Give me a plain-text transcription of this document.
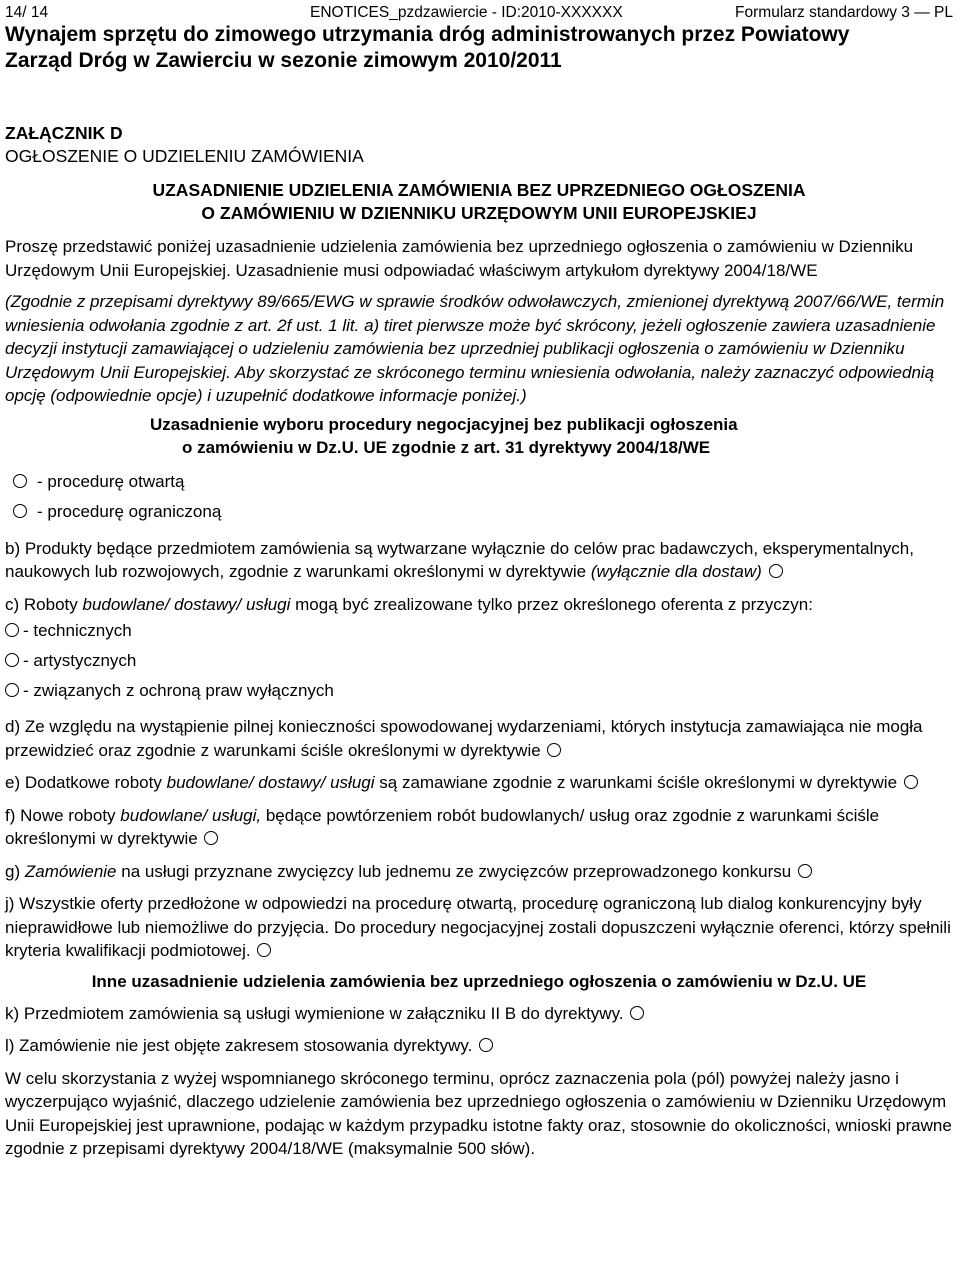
14/ 14	ENOTICES_pzdzawiercie - ID:2010-XXXXXX	Formularz standardowy 3 — PL
Wynajem sprzętu do zimowego utrzymania dróg administrowanych przez Powiatowy
Zarząd Dróg w Zawierciu w sezonie zimowym 2010/2011
ZAŁĄCZNIK D
OGŁOSZENIE O UDZIELENIU ZAMÓWIENIA
UZASADNIENIE UDZIELENIA ZAMÓWIENIA BEZ UPRZEDNIEGO OGŁOSZENIA
O ZAMÓWIENIU W DZIENNIKU URZĘDOWYM UNII EUROPEJSKIEJ

Proszę przedstawić poniżej uzasadnienie udzielenia zamówienia bez uprzedniego ogłoszenia o zamówieniu w Dzienniku Urzędowym Unii Europejskiej. Uzasadnienie musi odpowiadać właściwym artykułom dyrektywy 2004/18/WE

(Zgodnie z przepisami dyrektywy 89/665/EWG w sprawie środków odwoławczych, zmienionej dyrektywą 2007/66/WE, termin wniesienia odwołania zgodnie z art. 2f ust. 1 lit. a) tiret pierwsze może być skrócony, jeżeli ogłoszenie zawiera uzasadnienie decyzji instytucji zamawiającej o udzieleniu zamówienia bez uprzedniej publikacji ogłoszenia o zamówieniu w Dzienniku Urzędowym Unii Europejskiej. Aby skorzystać ze skróconego terminu wniesienia odwołania, należy zaznaczyć odpowiednią opcję (odpowiednie opcje) i uzupełnić dodatkowe informacje poniżej.)

Uzasadnienie wyboru procedury negocjacyjnej bez publikacji ogłoszenia
o zamówieniu w Dz.U. UE zgodnie z art. 31 dyrektywy 2004/18/WE
- procedurę otwartą
- procedurę ograniczoną

b) Produkty będące przedmiotem zamówienia są wytwarzane wyłącznie do celów prac badawczych, eksperymentalnych, naukowych lub rozwojowych, zgodnie z warunkami określonymi w dyrektywie (wyłącznie dla dostaw)

c) Roboty budowlane/ dostawy/ usługi mogą być zrealizowane tylko przez określonego oferenta z przyczyn:

- technicznych
- artystycznych
- związanych z ochroną praw wyłącznych

d) Ze względu na wystąpienie pilnej konieczności spowodowanej wydarzeniami, których instytucja zamawiająca nie mogła przewidzieć oraz zgodnie z warunkami ściśle określonymi w dyrektywie

e) Dodatkowe roboty budowlane/ dostawy/ usługi są zamawiane zgodnie z warunkami ściśle określonymi w dyrektywie

f) Nowe roboty budowlane/ usługi, będące powtórzeniem robót budowlanych/ usług oraz zgodnie z warunkami ściśle określonymi w dyrektywie

g) Zamówienie na usługi przyznane zwycięzcy lub jednemu ze zwycięzców przeprowadzonego konkursu

j) Wszystkie oferty przedłożone w odpowiedzi na procedurę otwartą, procedurę ograniczoną lub dialog konkurencyjny były nieprawidłowe lub niemożliwe do przyjęcia. Do procedury negocjacyjnej zostali dopuszczeni wyłącznie oferenci, którzy spełnili kryteria kwalifikacji podmiotowej.

Inne uzasadnienie udzielenia zamówienia bez uprzedniego ogłoszenia o zamówieniu w Dz.U. UE

k) Przedmiotem zamówienia są usługi wymienione w załączniku II B do dyrektywy.

l) Zamówienie nie jest objęte zakresem stosowania dyrektywy.

W celu skorzystania z wyżej wspomnianego skróconego terminu, oprócz zaznaczenia pola (pól) powyżej należy jasno i wyczerpująco wyjaśnić, dlaczego udzielenie zamówienia bez uprzedniego ogłoszenia o zamówieniu w Dzienniku Urzędowym Unii Europejskiej jest uprawnione, podając w każdym przypadku istotne fakty oraz, stosownie do okoliczności, wnioski prawne zgodnie z przepisami dyrektywy 2004/18/WE (maksymalnie 500 słów).
